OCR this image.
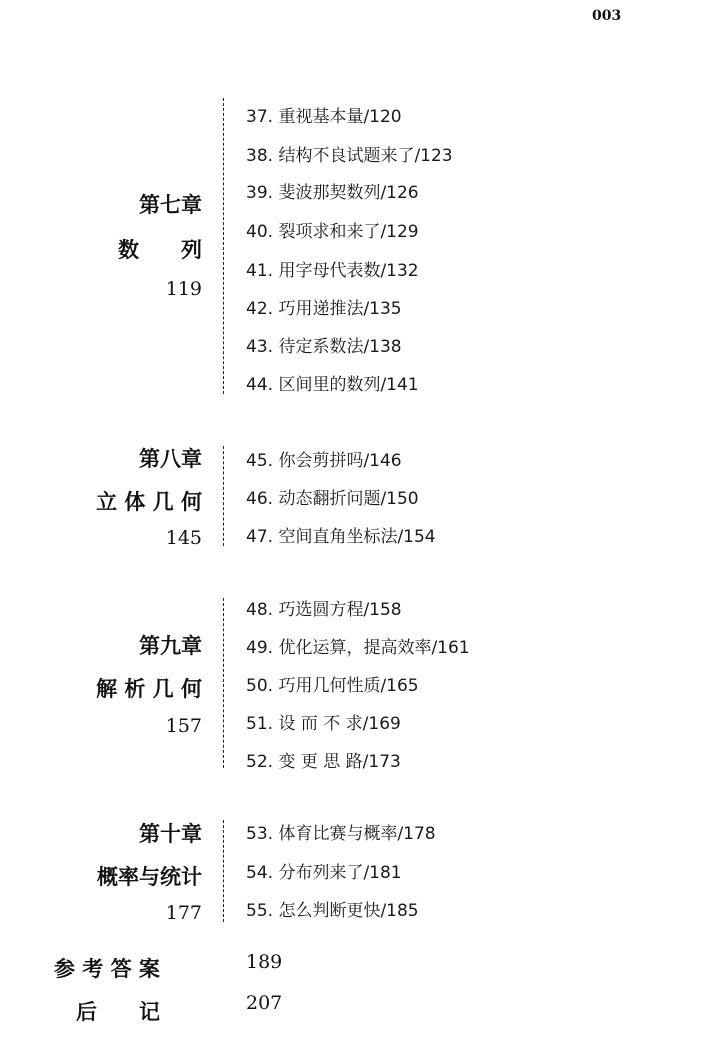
003
第七章
数　　列
119
37. 重视基本量/120
38. 结构不良试题来了/123
39. 斐波那契数列/126
40. 裂项求和来了/129
41. 用字母代表数/132
42. 巧用递推法/135
43. 待定系数法/138
44. 区间里的数列/141
第八章
立 体 几 何
145
45. 你会剪拼吗/146
46. 动态翻折问题/150
47. 空间直角坐标法/154
第九章
解 析 几 何
157
48. 巧选圆方程/158
49. 优化运算，提高效率/161
50. 巧用几何性质/165
51. 设 而 不 求/169
52. 变 更 思 路/173
第十章
概率与统计
177
53. 体育比赛与概率/178
54. 分布列来了/181
55. 怎么判断更快/185
参 考 答 案	189
后　　记	207
